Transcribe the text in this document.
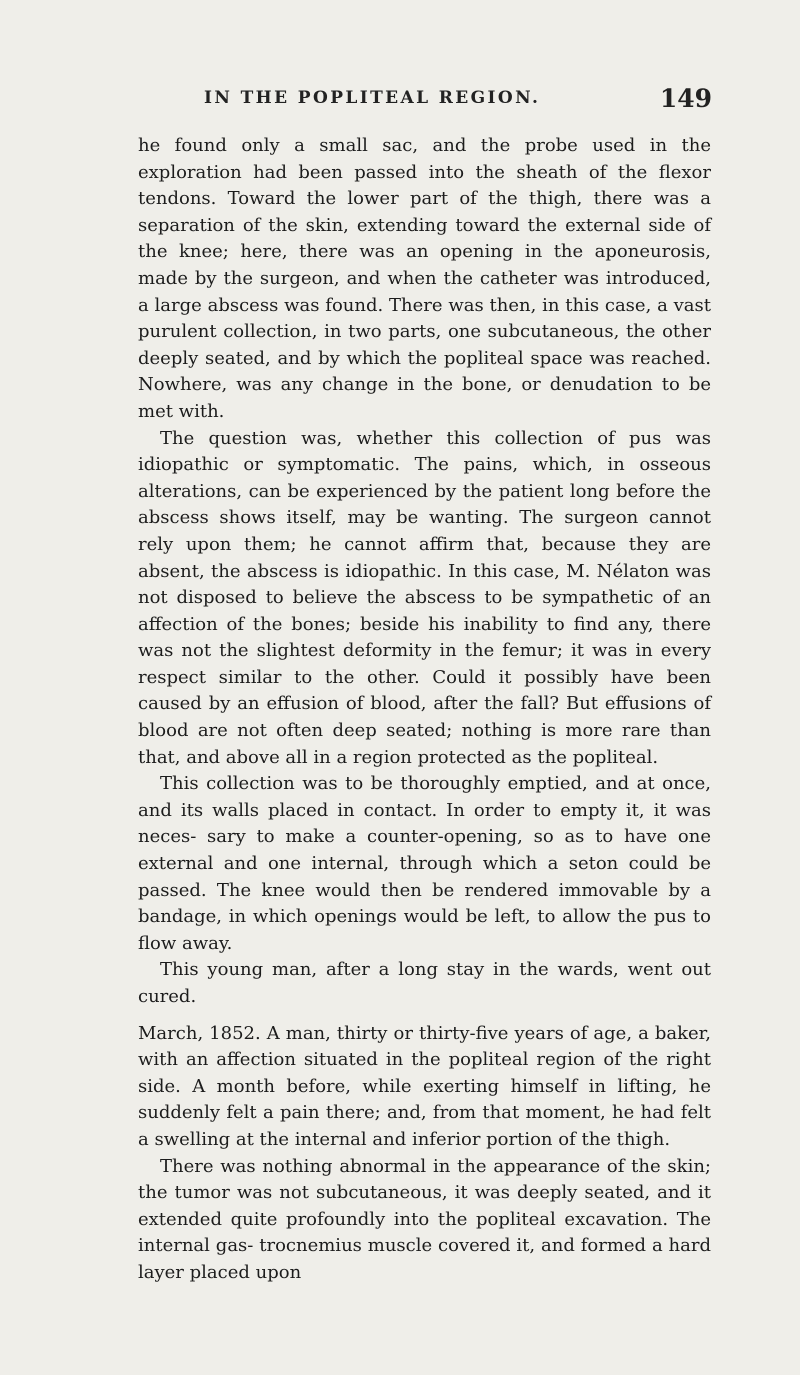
IN THE POPLITEAL REGION.	149

he found only a small sac, and the probe used in the exploration had been passed into the sheath of the flexor tendons. Toward the lower part of the thigh, there was a separation of the skin, extending toward the external side of the knee; here, there was an opening in the aponeurosis, made by the surgeon, and when the catheter was introduced, a large abscess was found. There was then, in this case, a vast purulent collection, in two parts, one subcutaneous, the other deeply seated, and by which the popliteal space was reached. Nowhere, was any change in the bone, or denudation to be met with.

The question was, whether this collection of pus was idiopathic or symptomatic. The pains, which, in osseous alterations, can be experienced by the patient long before the abscess shows itself, may be wanting. The surgeon cannot rely upon them; he cannot affirm that, because they are absent, the abscess is idiopathic. In this case, M. Nélaton was not disposed to believe the abscess to be sympathetic of an affection of the bones; beside his inability to find any, there was not the slightest deformity in the femur; it was in every respect similar to the other. Could it possibly have been caused by an effusion of blood, after the fall? But effusions of blood are not often deep seated; nothing is more rare than that, and above all in a region protected as the popliteal.

This collection was to be thoroughly emptied, and at once, and its walls placed in contact. In order to empty it, it was neces- sary to make a counter-opening, so as to have one external and one internal, through which a seton could be passed. The knee would then be rendered immovable by a bandage, in which openings would be left, to allow the pus to flow away.

This young man, after a long stay in the wards, went out cured.

March, 1852. A man, thirty or thirty-five years of age, a baker, with an affection situated in the popliteal region of the right side. A month before, while exerting himself in lifting, he suddenly felt a pain there; and, from that moment, he had felt a swelling at the internal and inferior portion of the thigh.

There was nothing abnormal in the appearance of the skin; the tumor was not subcutaneous, it was deeply seated, and it extended quite profoundly into the popliteal excavation. The internal gas- trocnemius muscle covered it, and formed a hard layer placed upon
